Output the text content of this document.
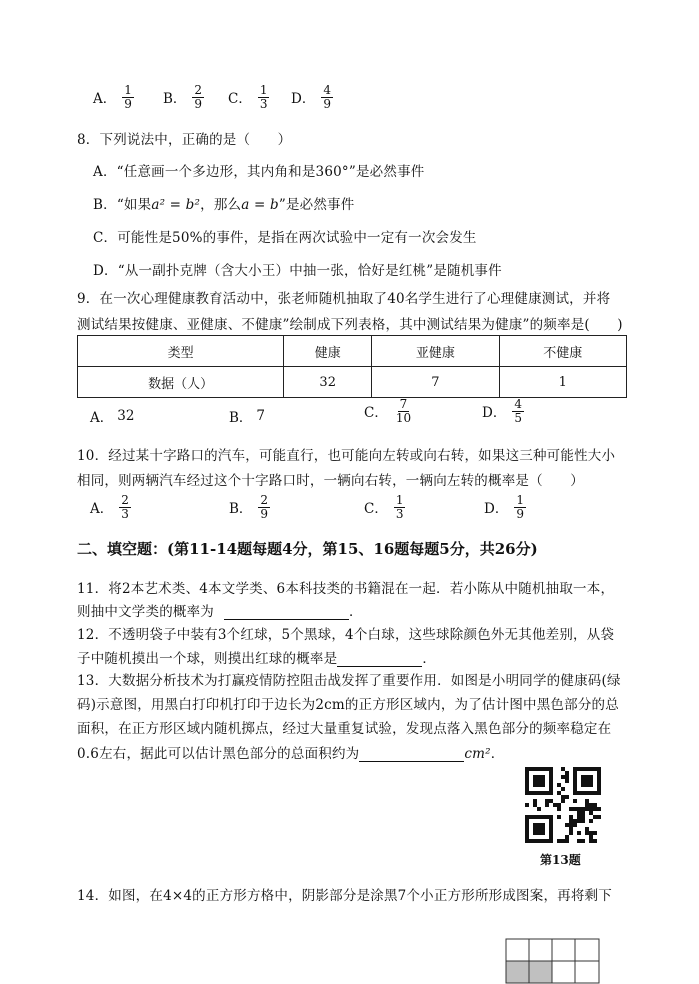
A． $\frac{1}{9}$ B． $\frac{2}{9}$ C． $\frac{1}{3}$ D． $\frac{4}{9}$
8．下列说法中，正确的是（　　）
A．“任意画一个多边形，其内角和是360°”是必然事件
B．“如果a² = b²，那么a = b”是必然事件
C．可能性是50%的事件，是指在两次试验中一定有一次会发生
D．“从一副扑克牌（含大小王）中抽一张，恰好是红桃”是随机事件
9．在一次心理健康教育活动中，张老师随机抽取了40名学生进行了心理健康测试，并将
测试结果按健康、亚健康、不健康”绘制成下列表格，其中测试结果为健康”的频率是(　　)
类型	健康	亚健康	不健康
数据（人）	32	7	1
A． 32	B． 7	C． $\frac{7}{10}$	D． $\frac{4}{5}$
10．经过某十字路口的汽车，可能直行，也可能向左转或向右转，如果这三种可能性大小
相同，则两辆汽车经过这个十字路口时，一辆向右转，一辆向左转的概率是（　　）
A． $\frac{2}{3}$	B． $\frac{2}{9}$	C． $\frac{1}{3}$	D． $\frac{1}{9}$
二、填空题：(第11-14题每题4分，第15、16题每题5分，共26分)
11．将2本艺术类、4本文学类、6本科技类的书籍混在一起．若小陈从中随机抽取一本，
则抽中文学类的概率为	．
12．不透明袋子中装有3个红球，5个黑球，4个白球，这些球除颜色外无其他差别，从袋
子中随机摸出一个球，则摸出红球的概率是	．
13．大数据分析技术为打赢疫情防控阻击战发挥了重要作用．如图是小明同学的健康码(绿
码)示意图，用黑白打印机打印于边长为2cm的正方形区域内，为了估计图中黑色部分的总
面积，在正方形区域内随机掷点，经过大量重复试验，发现点落入黑色部分的频率稳定在
0.6左右，据此可以估计黑色部分的总面积约为	cm²．
第13题
14．如图，在4×4的正方形方格中，阴影部分是涂黑7个小正方形所形成图案，再将剩下
